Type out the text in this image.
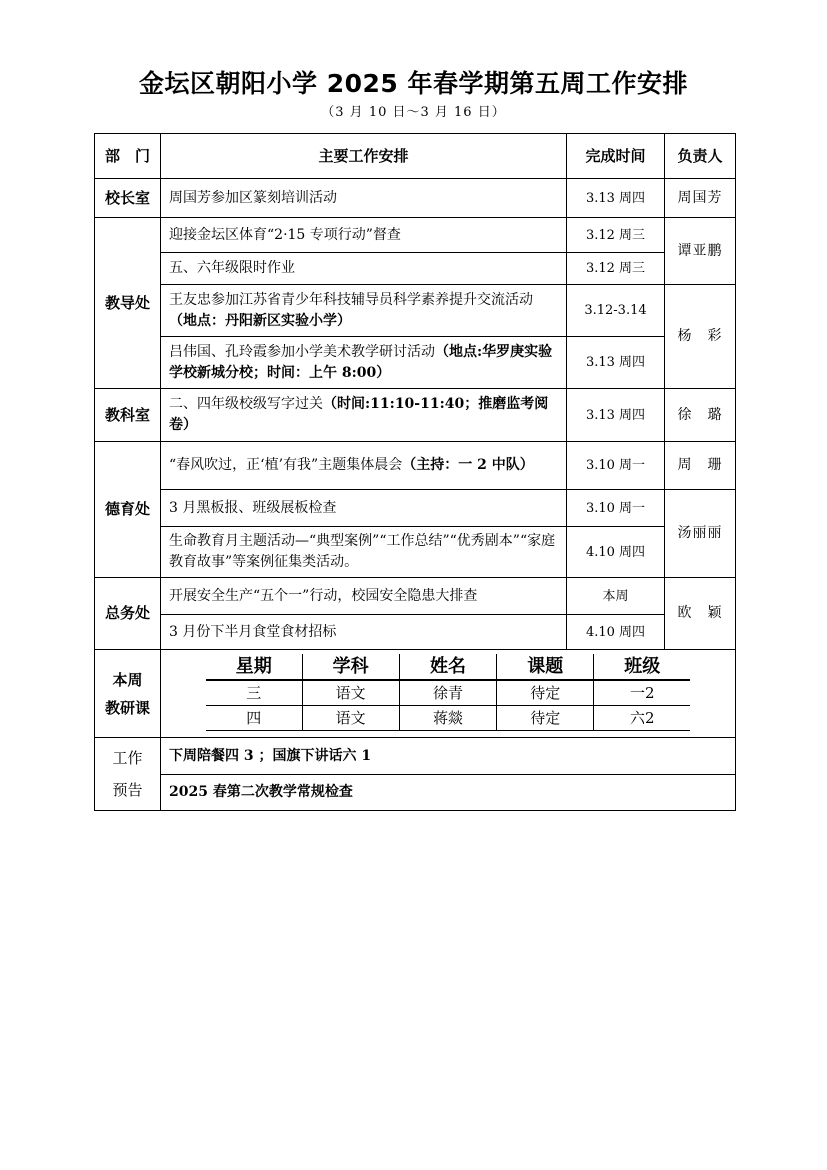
金坛区朝阳小学 2025 年春学期第五周工作安排
（3 月 10 日～3 月 16 日）
部　门	主要工作安排	完成时间	负责人
校长室	周国芳参加区篆刻培训活动	3.13 周四	周国芳
教导处	迎接金坛区体育“2·15 专项行动”督查	3.12 周三	谭亚鹏
五、六年级限时作业	3.12 周三
王友忠参加江苏省青少年科技辅导员科学素养提升交流活动（地点：丹阳新区实验小学）	3.12-3.14	杨　彩
吕伟国、孔玲霞参加小学美术教学研讨活动（地点:华罗庚实验学校新城分校；时间：上午 8:00）	3.13 周四
教科室	二、四年级校级写字过关（时间:11:10-11:40；推磨监考阅卷）	3.13 周四	徐　璐
德育处	“春风吹过，正‘植’有我”主题集体晨会（主持：一 2 中队）	3.10 周一	周　珊
3 月黑板报、班级展板检查	3.10 周一	汤丽丽
生命教育月主题活动—“典型案例”“工作总结”“优秀剧本”“家庭教育故事”等案例征集类活动。	4.10 周四
总务处	开展安全生产“五个一”行动，校园安全隐患大排查	本周	欧　颖
3 月份下半月食堂食材招标	4.10 周四
本周
教研课	
星期	学科	姓名	课题	班级
三	语文	徐青	待定	一2
四	语文	蒋燚	待定	六2

工作
预告	下周陪餐四 3 ；国旗下讲话六 1
2025 春第二次教学常规检查
